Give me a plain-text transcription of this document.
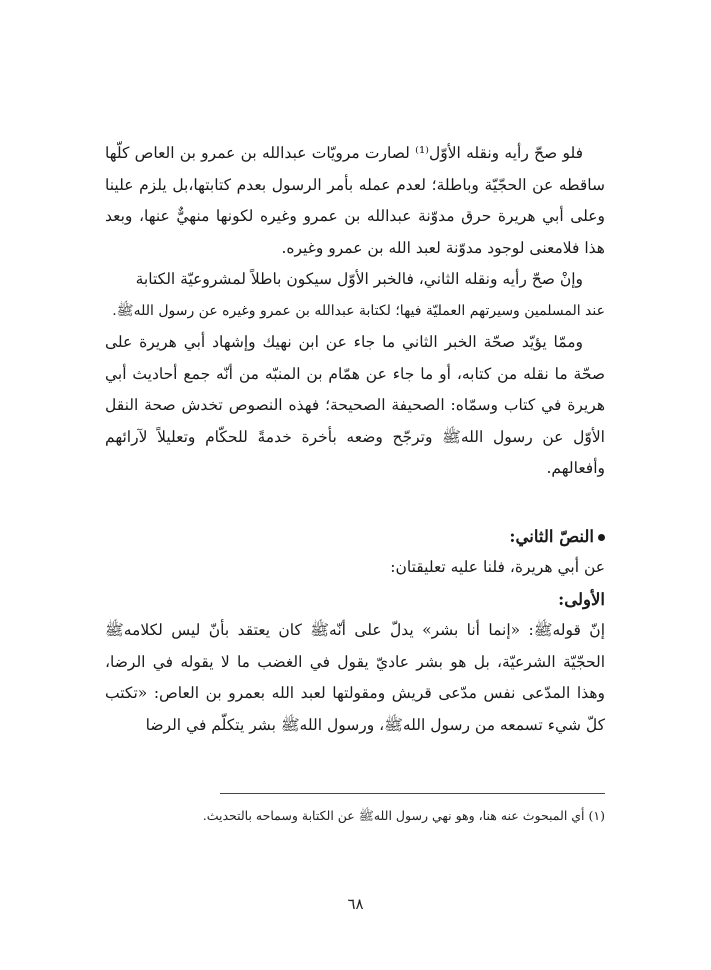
فلو صحّ رأيه ونقله الأوّل⁽¹⁾ لصارت مرويّات عبدالله بن عمرو بن العاص كلّها ساقطه عن الحجّيّة وباطلة؛ لعدم عمله بأمر الرسول بعدم كتابتها،بل يلزم علينا وعلى أبي هريرة حرق مدوّنة عبدالله بن عمرو وغيره لكونها منهيٌّ عنها، وبعد هذا فلامعنى لوجود مدوّنة لعبد الله بن عمرو وغيره.

وإنْ صحّ رأيه ونقله الثاني، فالخبر الأوّل سيكون باطلاً لمشروعيّة الكتابة

عند المسلمين وسيرتهم العمليّة فيها؛ لكتابة عبدالله بن عمرو وغيره عن رسول اللهﷺ.

وممّا يؤيّد صحّة الخبر الثاني ما جاء عن ابن نهيك وإشهاد أبي هريرة على صحّة ما نقله من كتابه، أو ما جاء عن همّام بن المنبّه من أنّه جمع أحاديث أبي هريرة في كتاب وسمّاه: الصحيفة الصحيحة؛ فهذه النصوص تخدش صحة النقل الأوّل عن رسول اللهﷺ وترجّح وضعه بأخرة خدمةً للحكّام وتعليلاً لآرائهم وأفعالهم.

النصّ الثاني:

عن أبي هريرة، فلنا عليه تعليقتان:

الأولى:

إنّ قولهﷺ: «إنما أنا بشر» يدلّ على أنّهﷺ كان يعتقد بأنّ ليس لكلامهﷺ الحجّيّة الشرعيّة، بل هو بشر عاديّ يقول في الغضب ما لا يقوله في الرضا، وهذا المدّعى نفس مدّعى قريش ومقولتها لعبد الله بعمرو بن العاص: «تكتب كلّ شيء تسمعه من رسول اللهﷺ، ورسول اللهﷺ بشر يتكلّم في الرضا

(١) أي المبحوث عنه هنا، وهو نهي رسول اللهﷺ عن الكتابة وسماحه بالتحديث.
٦٨
